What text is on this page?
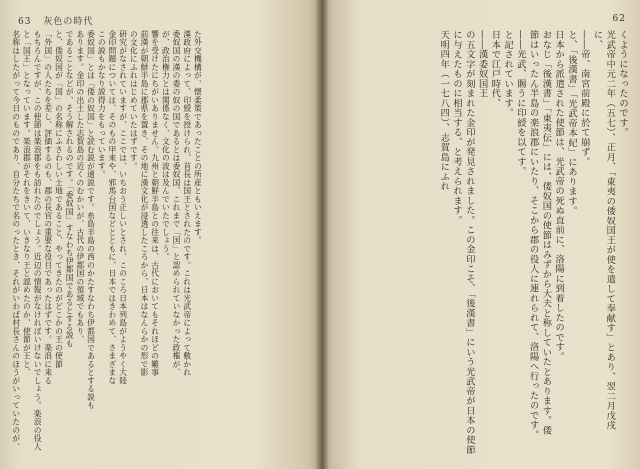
63 灰色の時代

た外交機構が、懐柔策であったことの所産ともいえます。

漢政府によって、印綬を授けられ、首長は国王とされたのです。これは光武帝によって敷かれ

委奴国の漢の委の奴の国であるとは委奴国、これまで「国」と認められていなかった政権が、

が、政治権力とは関係なく、文化の波は及んでいたでしょう。

響を受けたにちがいありません。九州と朝鮮半島との往来は、古代においてもそれほどの難事

前漢が朝鮮半島に郡県を置き、その地に漢文化が浸透したころから、日本はなんらかの形で影

の文化にふれはじめていたはずです。

研究がなされていますが、ここでは、いちおう正しいとされ、このころ日本列島がようやく大陸

金印問題については、そのもの甲来や、邪馬台国などとともに、日本ではきわめて、さまざまな

この説もかなり説得力をもっています。

委奴国」とは「倭の奴国」と読む説が通説です。糸島半島の西のかたすなわち伊都国であるとする説も

あります。金印の出土した志賀島の近くのむかいが、古代の伊都国の領域でもあり、

であることなどが、そう解されるのです。「委奴国」すなわち伊都国であるとする説も

と、倭奴国が「国」の名称にふさわしい土地であること、やってきたのがどこかの王の使節

「外国」の人たちを差し、評価するのも、郡の長官の重要な役目であったはずです。楽浪に来る

もちろんですが、この使節は楽浪郡をも訪れたのでしょう。近辺の情報がなければいけないでしょう。楽浪の役人

と「国王」となっています。楽浪郡がそれをきいて、いきなり王と認めたのか、使節が王と、

名称はしたがって今日のものであり、自分たちで名のったとき、それがいわば村長さんのほうがいっていたのが、

62

くようになったのです。

光武帝中元二年（五七）、正月、「東夷の倭奴国王が使を遣して奉献す」とあり、翌二月戊戌

に、

――帝、南宮前殿に於て崩ず。

と、「後漢書」「光武帝本紀」にあります。

日本から派遣された使節は、光武帝の死ぬ直前に、洛陽に到着したのです。

おなじ「後漢書」「東夷伝」には、倭奴国の使節はみずから大夫と称していたとあります。倭

節はいったん半島の楽浪郡にいたり、そこから郡の役人に連れられて、洛陽へ行ったのです。

――光武、賜うに印綬を以てす。

と記されています。

日本で江戸時代、

――漢委奴国王

の五文字が刻まれた金印が発見されました。この金印こそ、「後漢書」にいう光武帝が日本の使節

に与えたものに相当する、と考えられます。

天明四年（一七八四）、志賀島にふれ
